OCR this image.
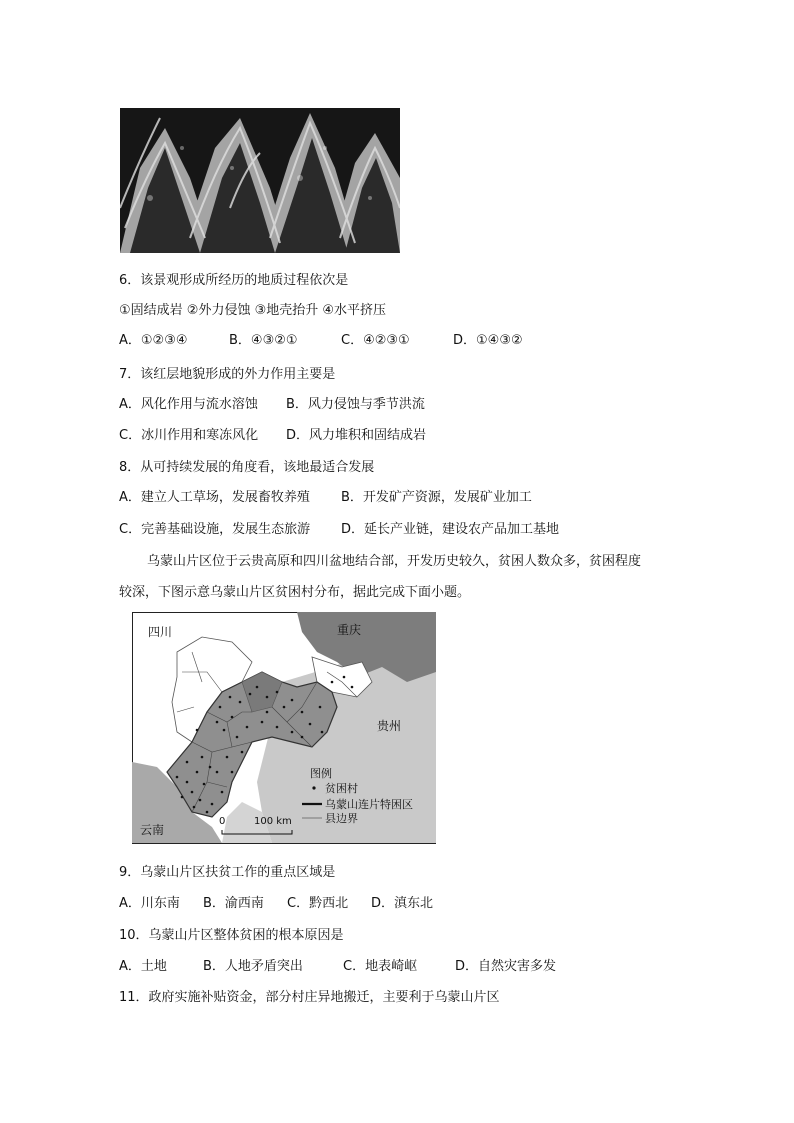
6．该景观形成所经历的地质过程依次是
①固结成岩 ②外力侵蚀 ③地壳抬升 ④水平挤压
A．①②③④	B．④③②①	C．④②③①	D．①④③②
7．该红层地貌形成的外力作用主要是
A．风化作用与流水溶蚀 B．风力侵蚀与季节洪流
C．冰川作用和寒冻风化 D．风力堆积和固结成岩
8．从可持续发展的角度看，该地最适合发展
A．建立人工草场，发展畜牧养殖 B．开发矿产资源，发展矿业加工
C．完善基础设施，发展生态旅游 D．延长产业链，建设农产品加工基地
乌蒙山片区位于云贵高原和四川盆地结合部，开发历史较久，贫困人数众多，贫困程度
较深，下图示意乌蒙山片区贫困村分布，据此完成下面小题。
四川	重庆
贵州
云南
图例
贫困村
乌蒙山连片特困区
县边界
0	100 km
9．乌蒙山片区扶贫工作的重点区域是
A．川东南 B．渝西南 C．黔西北 D．滇东北
10．乌蒙山片区整体贫困的根本原因是
A．土地	B．人地矛盾突出	C．地表崎岖	D．自然灾害多发
11．政府实施补贴资金，部分村庄异地搬迁，主要利于乌蒙山片区
